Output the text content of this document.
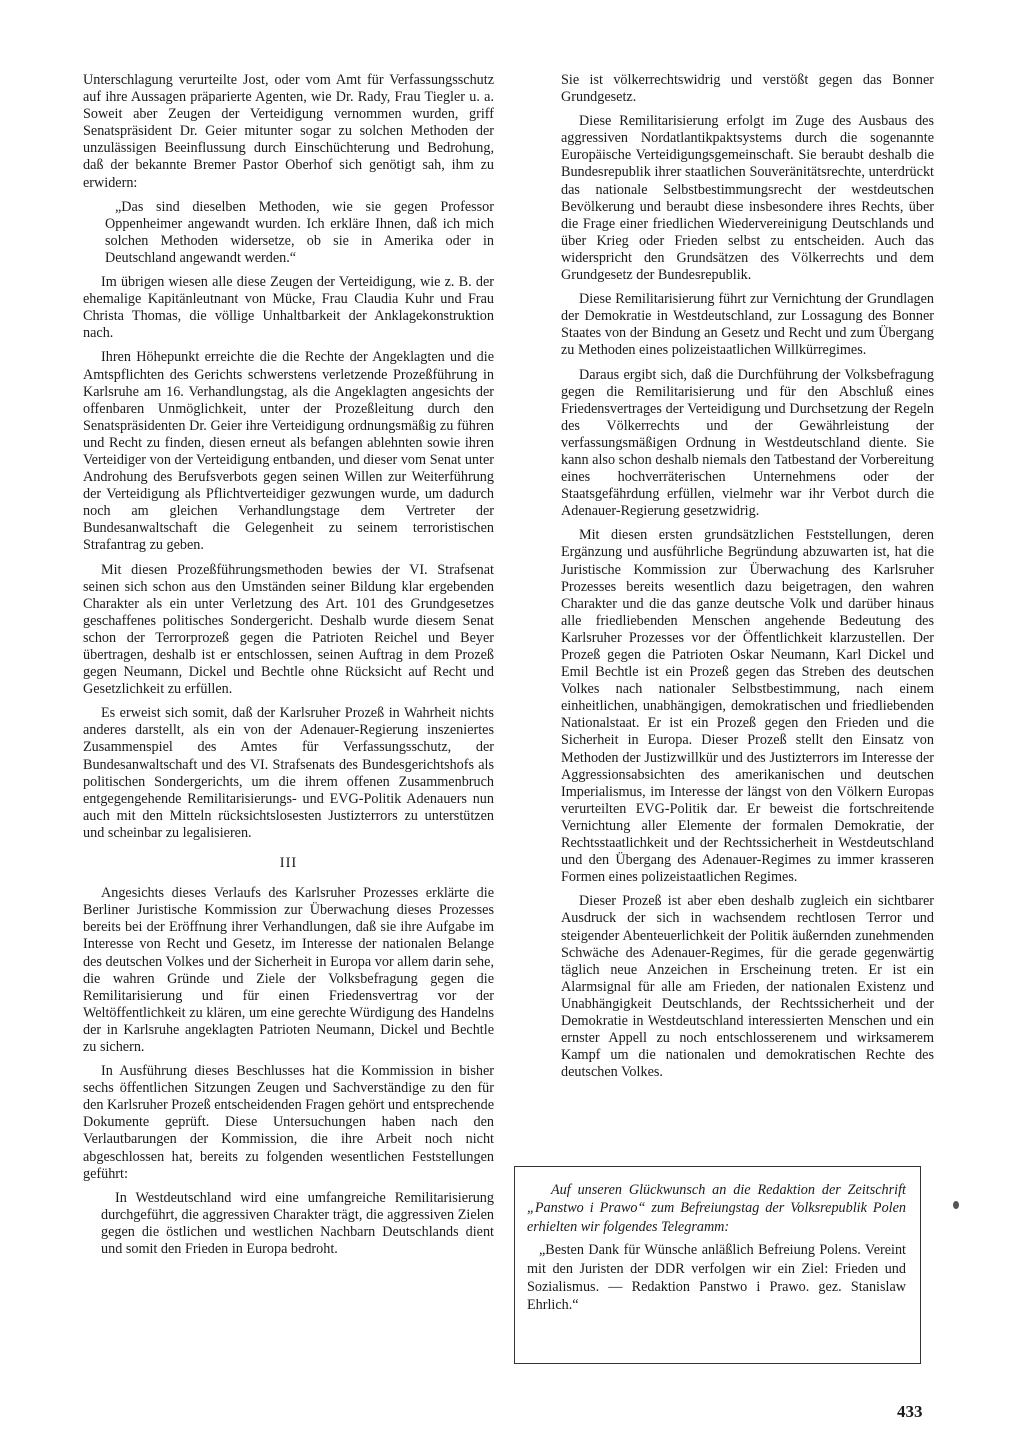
Unterschlagung verurteilte Jost, oder vom Amt für Verfassungsschutz auf ihre Aussagen präparierte Agenten, wie Dr. Rady, Frau Tiegler u. a. Soweit aber Zeugen der Verteidigung vernommen wurden, griff Senatspräsident Dr. Geier mitunter sogar zu solchen Methoden der unzulässigen Beeinflussung durch Einschüchterung und Bedrohung, daß der bekannte Bremer Pastor Oberhof sich genötigt sah, ihm zu erwidern:

„Das sind dieselben Methoden, wie sie gegen Professor Oppenheimer angewandt wurden. Ich erkläre Ihnen, daß ich mich solchen Methoden widersetze, ob sie in Amerika oder in Deutschland angewandt werden.“

Im übrigen wiesen alle diese Zeugen der Verteidigung, wie z. B. der ehemalige Kapitänleutnant von Mücke, Frau Claudia Kuhr und Frau Christa Thomas, die völlige Unhaltbarkeit der Anklagekonstruktion nach.

Ihren Höhepunkt erreichte die die Rechte der Angeklagten und die Amtspflichten des Gerichts schwerstens verletzende Prozeßführung in Karlsruhe am 16. Verhandlungstag, als die Angeklagten angesichts der offenbaren Unmöglichkeit, unter der Prozeßleitung durch den Senatspräsidenten Dr. Geier ihre Verteidigung ordnungsmäßig zu führen und Recht zu finden, diesen erneut als befangen ablehnten sowie ihren Verteidiger von der Verteidigung entbanden, und dieser vom Senat unter Androhung des Berufsverbots gegen seinen Willen zur Weiterführung der Verteidigung als Pflichtverteidiger gezwungen wurde, um dadurch noch am gleichen Verhandlungstage dem Vertreter der Bundesanwaltschaft die Gelegenheit zu seinem terroristischen Strafantrag zu geben.

Mit diesen Prozeßführungsmethoden bewies der VI. Strafsenat seinen sich schon aus den Umständen seiner Bildung klar ergebenden Charakter als ein unter Verletzung des Art. 101 des Grundgesetzes geschaffenes politisches Sondergericht. Deshalb wurde diesem Senat schon der Terrorprozeß gegen die Patrioten Reichel und Beyer übertragen, deshalb ist er entschlossen, seinen Auftrag in dem Prozeß gegen Neumann, Dickel und Bechtle ohne Rücksicht auf Recht und Gesetzlichkeit zu erfüllen.

Es erweist sich somit, daß der Karlsruher Prozeß in Wahrheit nichts anderes darstellt, als ein von der Adenauer-Regierung inszeniertes Zusammenspiel des Amtes für Verfassungsschutz, der Bundesanwaltschaft und des VI. Strafsenats des Bundesgerichtshofs als politischen Sondergerichts, um die ihrem offenen Zusammenbruch entgegengehende Remilitarisierungs- und EVG-Politik Adenauers nun auch mit den Mitteln rücksichtslosesten Justizterrors zu unterstützen und scheinbar zu legalisieren.

III

Angesichts dieses Verlaufs des Karlsruher Prozesses erklärte die Berliner Juristische Kommission zur Überwachung dieses Prozesses bereits bei der Eröffnung ihrer Verhandlungen, daß sie ihre Aufgabe im Interesse von Recht und Gesetz, im Interesse der nationalen Belange des deutschen Volkes und der Sicherheit in Europa vor allem darin sehe, die wahren Gründe und Ziele der Volksbefragung gegen die Remilitarisierung und für einen Friedensvertrag vor der Weltöffentlichkeit zu klären, um eine gerechte Würdigung des Handelns der in Karlsruhe angeklagten Patrioten Neumann, Dickel und Bechtle zu sichern.

In Ausführung dieses Beschlusses hat die Kommission in bisher sechs öffentlichen Sitzungen Zeugen und Sachverständige zu den für den Karlsruher Prozeß entscheidenden Fragen gehört und entsprechende Dokumente geprüft. Diese Untersuchungen haben nach den Verlautbarungen der Kommission, die ihre Arbeit noch nicht abgeschlossen hat, bereits zu folgenden wesentlichen Feststellungen geführt:

In Westdeutschland wird eine umfangreiche Remilitarisierung durchgeführt, die aggressiven Charakter trägt, die aggressiven Zielen gegen die östlichen und westlichen Nachbarn Deutschlands dient und somit den Frieden in Europa bedroht.

Sie ist völkerrechtswidrig und verstößt gegen das Bonner Grundgesetz.

Diese Remilitarisierung erfolgt im Zuge des Ausbaus des aggressiven Nordatlantikpaktsystems durch die sogenannte Europäische Verteidigungsgemeinschaft. Sie beraubt deshalb die Bundesrepublik ihrer staatlichen Souveränitätsrechte, unterdrückt das nationale Selbstbestimmungsrecht der westdeutschen Bevölkerung und beraubt diese insbesondere ihres Rechts, über die Frage einer friedlichen Wiedervereinigung Deutschlands und über Krieg oder Frieden selbst zu entscheiden. Auch das widerspricht den Grundsätzen des Völkerrechts und dem Grundgesetz der Bundesrepublik.

Diese Remilitarisierung führt zur Vernichtung der Grundlagen der Demokratie in Westdeutschland, zur Lossagung des Bonner Staates von der Bindung an Gesetz und Recht und zum Übergang zu Methoden eines polizeistaatlichen Willkürregimes.

Daraus ergibt sich, daß die Durchführung der Volksbefragung gegen die Remilitarisierung und für den Abschluß eines Friedensvertrages der Verteidigung und Durchsetzung der Regeln des Völkerrechts und der Gewährleistung der verfassungsmäßigen Ordnung in Westdeutschland diente. Sie kann also schon deshalb niemals den Tatbestand der Vorbereitung eines hochverräterischen Unternehmens oder der Staatsgefährdung erfüllen, vielmehr war ihr Verbot durch die Adenauer-Regierung gesetzwidrig.

Mit diesen ersten grundsätzlichen Feststellungen, deren Ergänzung und ausführliche Begründung abzuwarten ist, hat die Juristische Kommission zur Überwachung des Karlsruher Prozesses bereits wesentlich dazu beigetragen, den wahren Charakter und die das ganze deutsche Volk und darüber hinaus alle friedliebenden Menschen angehende Bedeutung des Karlsruher Prozesses vor der Öffentlichkeit klarzustellen. Der Prozeß gegen die Patrioten Oskar Neumann, Karl Dickel und Emil Bechtle ist ein Prozeß gegen das Streben des deutschen Volkes nach nationaler Selbstbestimmung, nach einem einheitlichen, unabhängigen, demokratischen und friedliebenden Nationalstaat. Er ist ein Prozeß gegen den Frieden und die Sicherheit in Europa. Dieser Prozeß stellt den Einsatz von Methoden der Justizwillkür und des Justizterrors im Interesse der Aggressionsabsichten des amerikanischen und deutschen Imperialismus, im Interesse der längst von den Völkern Europas verurteilten EVG-Politik dar. Er beweist die fortschreitende Vernichtung aller Elemente der formalen Demokratie, der Rechtsstaatlichkeit und der Rechtssicherheit in Westdeutschland und den Übergang des Adenauer-Regimes zu immer krasseren Formen eines polizeistaatlichen Regimes.

Dieser Prozeß ist aber eben deshalb zugleich ein sichtbarer Ausdruck der sich in wachsendem rechtlosen Terror und steigender Abenteuerlichkeit der Politik äußernden zunehmenden Schwäche des Adenauer-Regimes, für die gerade gegenwärtig täglich neue Anzeichen in Erscheinung treten. Er ist ein Alarmsignal für alle am Frieden, der nationalen Existenz und Unabhängigkeit Deutschlands, der Rechtssicherheit und der Demokratie in Westdeutschland interessierten Menschen und ein ernster Appell zu noch entschlosserenem und wirksamerem Kampf um die nationalen und demokratischen Rechte des deutschen Volkes.

Auf unseren Glückwunsch an die Redaktion der Zeitschrift „Panstwo i Prawo“ zum Befreiungstag der Volksrepublik Polen erhielten wir folgendes Telegramm:

„Besten Dank für Wünsche anläßlich Befreiung Polens. Vereint mit den Juristen der DDR verfolgen wir ein Ziel: Frieden und Sozialismus. — Redaktion Panstwo i Prawo. gez. Stanislaw Ehrlich.“

433
